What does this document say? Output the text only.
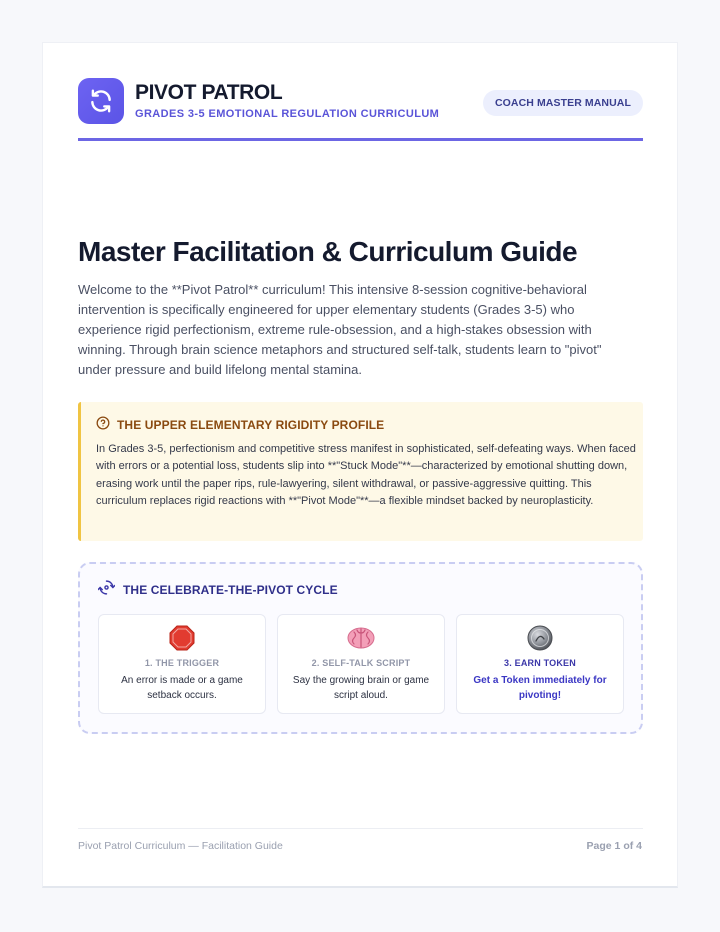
PIVOT PATROL
GRADES 3-5 EMOTIONAL REGULATION CURRICULUM
COACH MASTER MANUAL
Master Facilitation & Curriculum Guide

Welcome to the **Pivot Patrol** curriculum! This intensive 8-session cognitive-behavioral intervention is specifically engineered for upper elementary students (Grades 3-5) who experience rigid perfectionism, extreme rule-obsession, and a high-stakes obsession with winning. Through brain science metaphors and structured self-talk, students learn to "pivot" under pressure and build lifelong mental stamina.

THE UPPER ELEMENTARY RIGIDITY PROFILE

In Grades 3-5, perfectionism and competitive stress manifest in sophisticated, self-defeating ways. When faced with errors or a potential loss, students slip into **"Stuck Mode"**—characterized by emotional shutting down, erasing work until the paper rips, rule-lawyering, silent withdrawal, or passive-aggressive quitting. This curriculum replaces rigid reactions with **"Pivot Mode"**—a flexible mindset backed by neuroplasticity.

THE CELEBRATE-THE-PIVOT CYCLE
1. THE TRIGGER
An error is made or a game setback occurs.
2. SELF-TALK SCRIPT
Say the growing brain or game script aloud.
3. EARN TOKEN
Get a Token immediately for pivoting!
Pivot Patrol Curriculum — Facilitation Guide	Page 1 of 4
